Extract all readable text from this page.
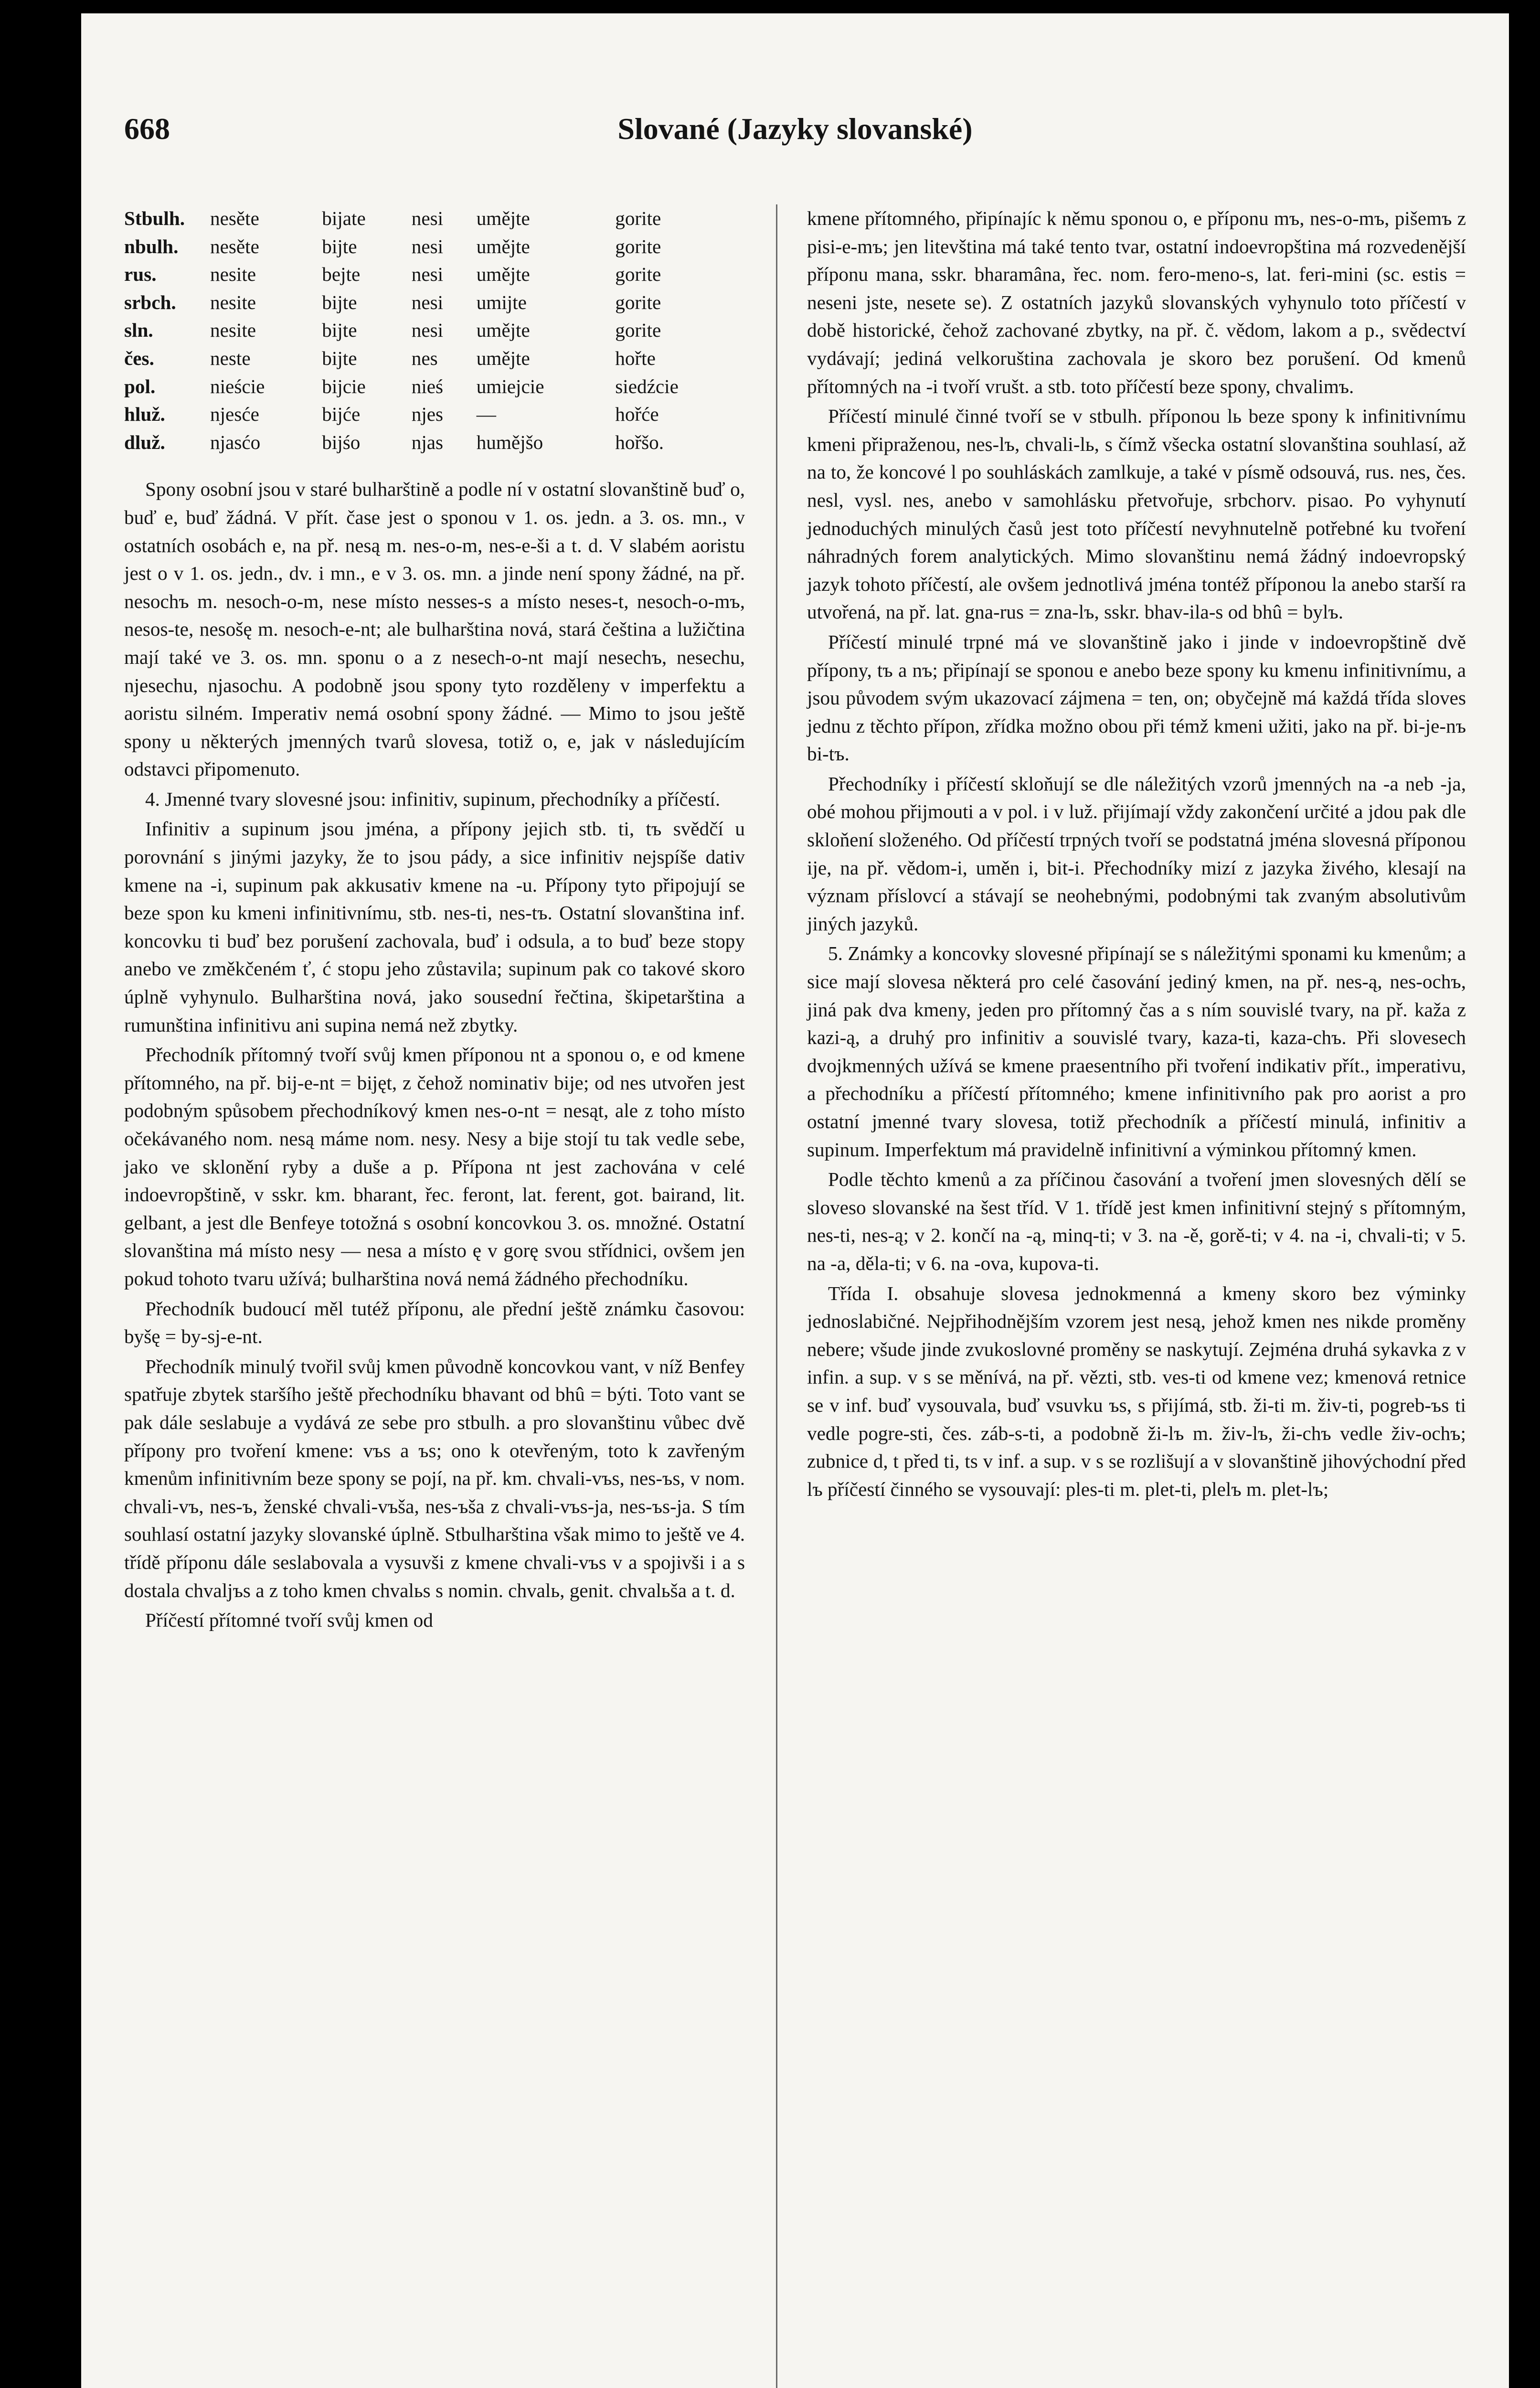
668	Slované (Jazyky slovanské)
Stbulh.	nesěte	bijate	nesi	umějte	gorite
nbulh.	nesěte	bijte	nesi	umějte	gorite
rus.	nesite	bejte	nesi	umějte	gorite
srbch.	nesite	bijte	nesi	umijte	gorite
sln.	nesite	bijte	nesi	umějte	gorite
čes.	neste	bijte	nes	umějte	hořte
pol.	nieście	bijcie	nieś	umiejcie	siedźcie
hluž.	njesće	bijće	njes	—	hořće
dluž.	njasćo	bijśo	njas	humějšo	hořšo.

Spony osobní jsou v staré bulharštině a podle ní v ostatní slovanštině buď o, buď e, buď žádná. V přít. čase jest o sponou v 1. os. jedn. a 3. os. mn., v ostatních osobách e, na př. nesą m. nes-o-m, nes-e-ši a t. d. V slabém aoristu jest o v 1. os. jedn., dv. i mn., e v 3. os. mn. a jinde není spony žádné, na př. nesochъ m. nesoch-o-m, nese místo nesses-s a místo neses-t, nesoch-o-mъ, nesos-te, nesošę m. nesoch-e-nt; ale bulharština nová, stará čeština a lužičtina mají také ve 3. os. mn. sponu o a z nesech-o-nt mají nesechъ, nesechu, njesechu, njasochu. A podobně jsou spony tyto rozděleny v imperfektu a aoristu silném. Imperativ nemá osobní spony žádné. — Mimo to jsou ještě spony u některých jmenných tvarů slovesa, totiž o, e, jak v následujícím odstavci připomenuto.

4. Jmenné tvary slovesné jsou: infinitiv, supinum, přechodníky a příčestí.

Infinitiv a supinum jsou jména, a přípony jejich stb. ti, tъ svědčí u porovnání s jinými jazyky, že to jsou pády, a sice infinitiv nejspíše dativ kmene na -i, supinum pak akkusativ kmene na -u. Přípony tyto připojují se beze spon ku kmeni infinitivnímu, stb. nes-ti, nes-tъ. Ostatní slovanština inf. koncovku ti buď bez porušení zachovala, buď i odsula, a to buď beze stopy anebo ve změkčeném ť, ć stopu jeho zůstavila; supinum pak co takové skoro úplně vyhynulo. Bulharština nová, jako sousední řečtina, škipetarština a rumunština infinitivu ani supina nemá než zbytky.

Přechodník přítomný tvoří svůj kmen příponou nt a sponou o, e od kmene přítomného, na př. bij-e-nt = bijęt, z čehož nominativ bije; od nes utvořen jest podobným spůsobem přechodníkový kmen nes-o-nt = nesąt, ale z toho místo očekávaného nom. nesą máme nom. nesy. Nesy a bije stojí tu tak vedle sebe, jako ve sklonění ryby a duše a p. Přípona nt jest zachována v celé indoevropštině, v sskr. km. bharant, řec. feront, lat. ferent, got. bairand, lit. gelbant, a jest dle Benfeye totožná s osobní koncovkou 3. os. množné. Ostatní slovanština má místo nesy — nesa a místo ę v gorę svou střídnici, ovšem jen pokud tohoto tvaru užívá; bulharština nová nemá žádného přechodníku.

Přechodník budoucí měl tutéž příponu, ale přední ještě známku časovou: byšę = by-sj-e-nt.

Přechodník minulý tvořil svůj kmen původně koncovkou vant, v níž Benfey spatřuje zbytek staršího ještě přechodníku bhavant od bhû = býti. Toto vant se pak dále seslabuje a vydává ze sebe pro stbulh. a pro slovanštinu vůbec dvě přípony pro tvoření kmene: vъs a ъs; ono k otevřeným, toto k zavřeným kmenům infinitivním beze spony se pojí, na př. km. chvali-vъs, nes-ъs, v nom. chvali-vъ, nes-ъ, ženské chvali-vъša, nes-ъša z chvali-vъs-ja, nes-ъs-ja. S tím souhlasí ostatní jazyky slovanské úplně. Stbulharština však mimo to ještě ve 4. třídě příponu dále seslabovala a vysuvši z kmene chvali-vъs v a spojivši i a s dostala chvaljъs a z toho kmen chvalьs s nomin. chvalь, genit. chvalьša a t. d.

Příčestí přítomné tvoří svůj kmen od

kmene přítomného, připínajíc k němu sponou o, e příponu mъ, nes-o-mъ, pišemъ z pisi-e-mъ; jen litevština má také tento tvar, ostatní indoevropština má rozvedenější příponu mana, sskr. bharamâna, řec. nom. fero-meno-s, lat. feri-mini (sc. estis = neseni jste, nesete se). Z ostatních jazyků slovanských vyhynulo toto příčestí v době historické, čehož zachované zbytky, na př. č. vědom, lakom a p., svědectví vydávají; jediná velkoruština zachovala je skoro bez porušení. Od kmenů přítomných na -i tvoří vrušt. a stb. toto příčestí beze spony, chvalimъ.

Příčestí minulé činné tvoří se v stbulh. příponou lь beze spony k infinitivnímu kmeni připraženou, nes-lъ, chvali-lь, s čímž všecka ostatní slovanština souhlasí, až na to, že koncové l po souhláskách zamlkuje, a také v písmě odsouvá, rus. nes, čes. nesl, vysl. nes, anebo v samohlásku přetvořuje, srbchorv. pisao. Po vyhynutí jednoduchých minulých časů jest toto příčestí nevyhnutelně potřebné ku tvoření náhradných forem analytických. Mimo slovanštinu nemá žádný indoevropský jazyk tohoto příčestí, ale ovšem jednotlivá jména tontéž příponou la anebo starší ra utvořená, na př. lat. gna-rus = zna-lъ, sskr. bhav-ila-s od bhû = bylъ.

Příčestí minulé trpné má ve slovanštině jako i jinde v indoevropštině dvě přípony, tъ a nъ; připínají se sponou e anebo beze spony ku kmenu infinitivnímu, a jsou původem svým ukazovací zájmena = ten, on; obyčejně má každá třída sloves jednu z těchto přípon, zřídka možno obou při témž kmeni užiti, jako na př. bi-je-nъ bi-tъ.

Přechodníky i příčestí skloňují se dle náležitých vzorů jmenných na -a neb -ja, obé mohou přijmouti a v pol. i v luž. přijímají vždy zakončení určité a jdou pak dle skloňení složeného. Od příčestí trpných tvoří se podstatná jména slovesná příponou ije, na př. vědom-i, uměn i, bit-i. Přechodníky mizí z jazyka živého, klesají na význam příslovcí a stávají se neohebnými, podobnými tak zvaným absolutivům jiných jazyků.

5. Známky a koncovky slovesné připínají se s náležitými sponami ku kmenům; a sice mají slovesa některá pro celé časování jediný kmen, na př. nes-ą, nes-ochъ, jiná pak dva kmeny, jeden pro přítomný čas a s ním souvislé tvary, na př. kaža z kazi-ą, a druhý pro infinitiv a souvislé tvary, kaza-ti, kaza-chъ. Při slovesech dvojkmenných užívá se kmene praesentního při tvoření indikativ přít., imperativu, a přechodníku a příčestí přítomného; kmene infinitivního pak pro aorist a pro ostatní jmenné tvary slovesa, totiž přechodník a příčestí minulá, infinitiv a supinum. Imperfektum má pravidelně infinitivní a výminkou přítomný kmen.

Podle těchto kmenů a za příčinou časování a tvoření jmen slovesných dělí se sloveso slovanské na šest tříd. V 1. třídě jest kmen infinitivní stejný s přítomným, nes-ti, nes-ą; v 2. končí na -ą, minq-ti; v 3. na -ě, gorě-ti; v 4. na -i, chvali-ti; v 5. na -a, děla-ti; v 6. na -ova, kupova-ti.

Třída I. obsahuje slovesa jednokmenná a kmeny skoro bez výminky jednoslabičné. Nejpřihodnějším vzorem jest nesą, jehož kmen nes nikde proměny nebere; všude jinde zvukoslovné proměny se naskytují. Zejména druhá sykavka z v infin. a sup. v s se měnívá, na př. vězti, stb. ves-ti od kmene vez; kmenová retnice se v inf. buď vysouvala, buď vsuvku ъs, s přijímá, stb. ži-ti m. živ-ti, pogreb-ъs ti vedle pogre-sti, čes. záb-s-ti, a podobně ži-lъ m. živ-lъ, ži-chъ vedle živ-ochъ; zubnice d, t před ti, ts v inf. a sup. v s se rozlišují a v slovanštině jihovýchodní před lъ příčestí činného se vysouvají: ples-ti m. plet-ti, plelъ m. plet-lъ;
